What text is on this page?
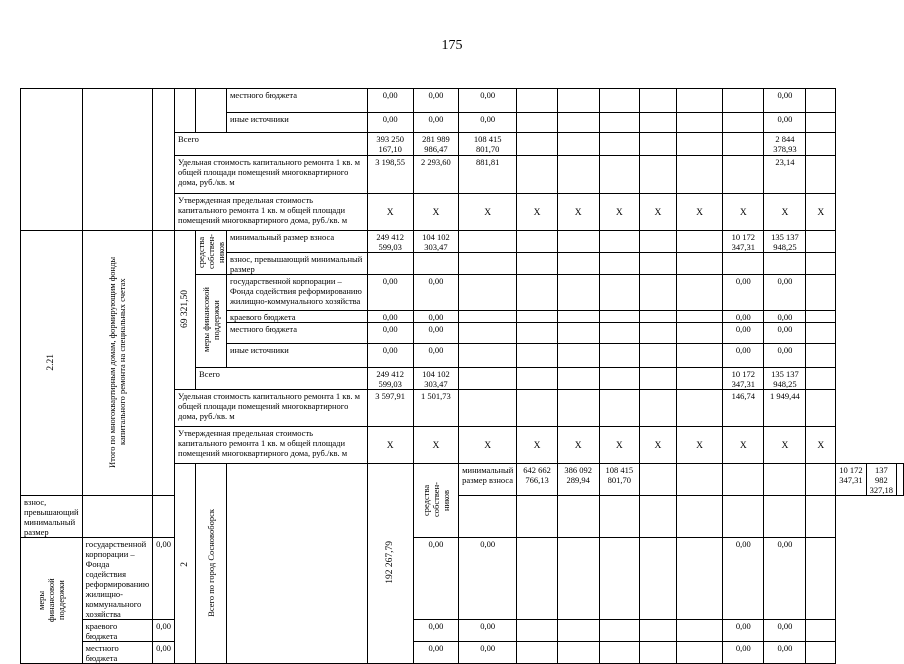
175
					местного бюджета	0,00	0,00	0,00							0,00				
					иные источники	0,00	0,00	0,00							0,00				
			Всего			393 250 167,10	281 989 986,47	108 415 801,70							2 844 378,93				
			Удельная стоимость капитального ремонта 1 кв. м общей площади помещений многоквартирного дома, руб./кв. м			3 198,55	2 293,60	881,81							23,14				
			Утвержденная предельная стоимость капитального ремонта 1 кв. м общей площади помещений многоквартирного дома, руб./кв. м			X	X	X	X	X	X	X	X	X	X	X			
2.21	Итого по многоквартирным домам, формирующим фонды капитального ремонта на специальных счетах		69 321,50	средства собствен-ников	минимальный размер взноса	249 412 599,03	104 102 303,47							10 172 347,31	135 137 948,25				
					взнос, превышающий минимальный размер														
				меры финансовой поддержки	государственной корпорации – Фонда содействия реформированию жилищно-коммунального хозяйства	0,00	0,00							0,00	0,00				
					краевого бюджета	0,00	0,00							0,00	0,00				
					местного бюджета	0,00	0,00							0,00	0,00				
					иные источники	0,00	0,00							0,00	0,00				
				Всего		249 412 599,03	104 102 303,47							10 172 347,31	135 137 948,25				
			Удельная стоимость капитального ремонта 1 кв. м общей площади помещений многоквартирного дома, руб./кв. м			3 597,91	1 501,73							146,74	1 949,44				
			Утвержденная предельная стоимость капитального ремонта 1 кв. м общей площади помещений многоквартирного дома, руб./кв. м			X	X	X	X	X	X	X	X	X	X	X			
			2	Всего по город Сосновоборск		192 267,79	средства собствен-ников	минимальный размер взноса	642 662 766,13	386 092 289,94	108 415 801,70						10 172 347,31	137 982 327,18	
взнос, превышающий минимальный размер																			
меры финансовой поддержки	государственной корпорации – Фонда содействия реформированию жилищно-коммунального хозяйства	0,00					0,00	0,00						0,00	0,00				
	краевого бюджета	0,00					0,00	0,00						0,00	0,00				
	местного бюджета	0,00					0,00	0,00						0,00	0,00				
